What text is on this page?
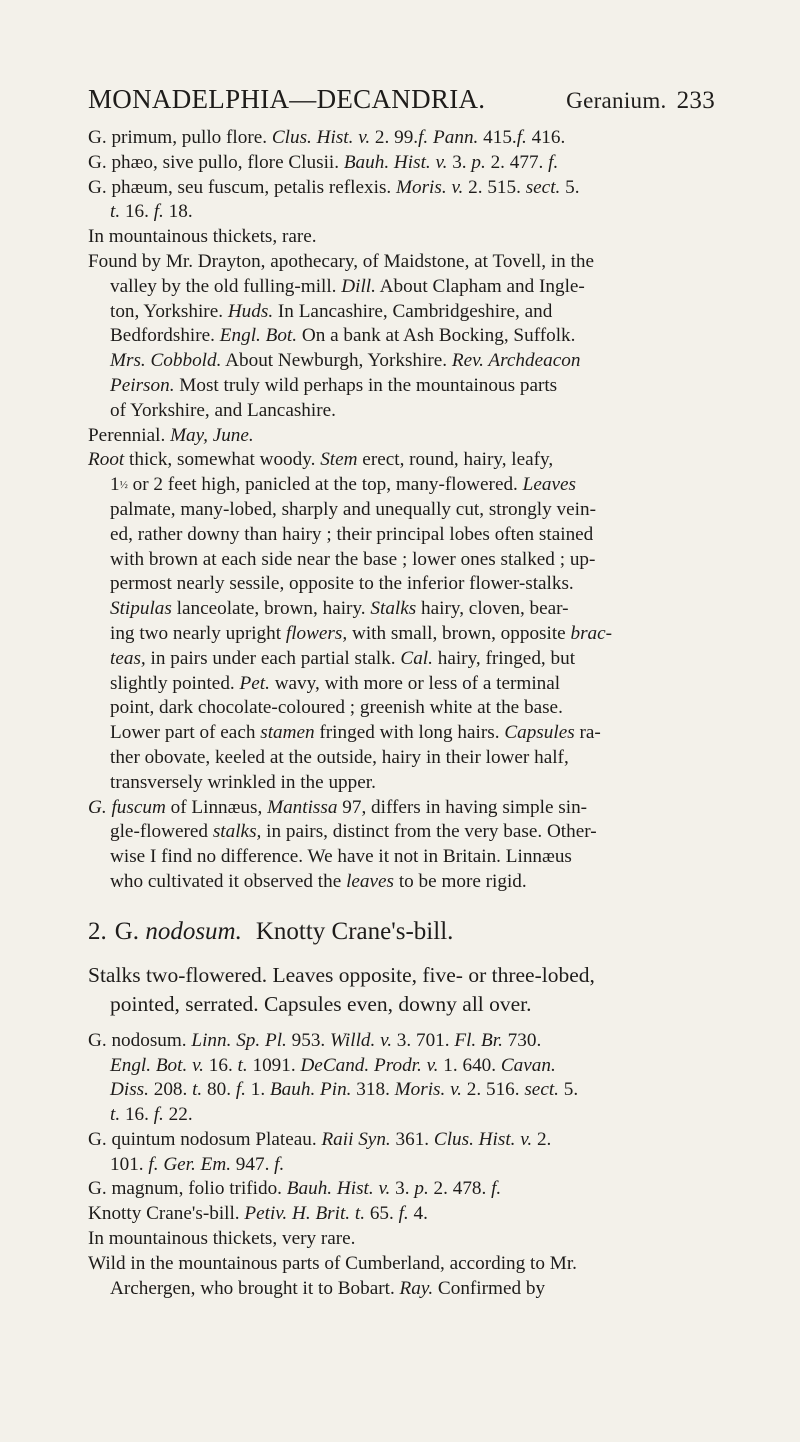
MONADELPHIA—DECANDRIA.	Geranium. 233
G. primum, pullo flore. Clus. Hist. v. 2. 99.f. Pann. 415.f. 416.
G. phæo, sive pullo, flore Clusii. Bauh. Hist. v. 3. p. 2. 477. f.
G. phæum, seu fuscum, petalis reflexis. Moris. v. 2. 515. sect. 5.
t. 16. f. 18.
In mountainous thickets, rare.
Found by Mr. Drayton, apothecary, of Maidstone, at Tovell, in the
valley by the old fulling-mill. Dill. About Clapham and Ingle-
ton, Yorkshire. Huds. In Lancashire, Cambridgeshire, and
Bedfordshire. Engl. Bot. On a bank at Ash Bocking, Suffolk.
Mrs. Cobbold. About Newburgh, Yorkshire. Rev. Archdeacon
Peirson. Most truly wild perhaps in the mountainous parts
of Yorkshire, and Lancashire.
Perennial. May, June.
Root thick, somewhat woody. Stem erect, round, hairy, leafy,
1½ or 2 feet high, panicled at the top, many-flowered. Leaves
palmate, many-lobed, sharply and unequally cut, strongly vein-
ed, rather downy than hairy ; their principal lobes often stained
with brown at each side near the base ; lower ones stalked ; up-
permost nearly sessile, opposite to the inferior flower-stalks.
Stipulas lanceolate, brown, hairy. Stalks hairy, cloven, bear-
ing two nearly upright flowers, with small, brown, opposite brac-
teas, in pairs under each partial stalk. Cal. hairy, fringed, but
slightly pointed. Pet. wavy, with more or less of a terminal
point, dark chocolate-coloured ; greenish white at the base.
Lower part of each stamen fringed with long hairs. Capsules ra-
ther obovate, keeled at the outside, hairy in their lower half,
transversely wrinkled in the upper.
G. fuscum of Linnæus, Mantissa 97, differs in having simple sin-
gle-flowered stalks, in pairs, distinct from the very base. Other-
wise I find no difference. We have it not in Britain. Linnæus
who cultivated it observed the leaves to be more rigid.
2. G. nodosum. Knotty Crane's-bill.
Stalks two-flowered. Leaves opposite, five- or three-lobed,
pointed, serrated. Capsules even, downy all over.
G. nodosum. Linn. Sp. Pl. 953. Willd. v. 3. 701. Fl. Br. 730.
Engl. Bot. v. 16. t. 1091. DeCand. Prodr. v. 1. 640. Cavan.
Diss. 208. t. 80. f. 1. Bauh. Pin. 318. Moris. v. 2. 516. sect. 5.
t. 16. f. 22.
G. quintum nodosum Plateau. Raii Syn. 361. Clus. Hist. v. 2.
101. f. Ger. Em. 947. f.
G. magnum, folio trifido. Bauh. Hist. v. 3. p. 2. 478. f.
Knotty Crane's-bill. Petiv. H. Brit. t. 65. f. 4.
In mountainous thickets, very rare.
Wild in the mountainous parts of Cumberland, according to Mr.
Archergen, who brought it to Bobart. Ray. Confirmed by
